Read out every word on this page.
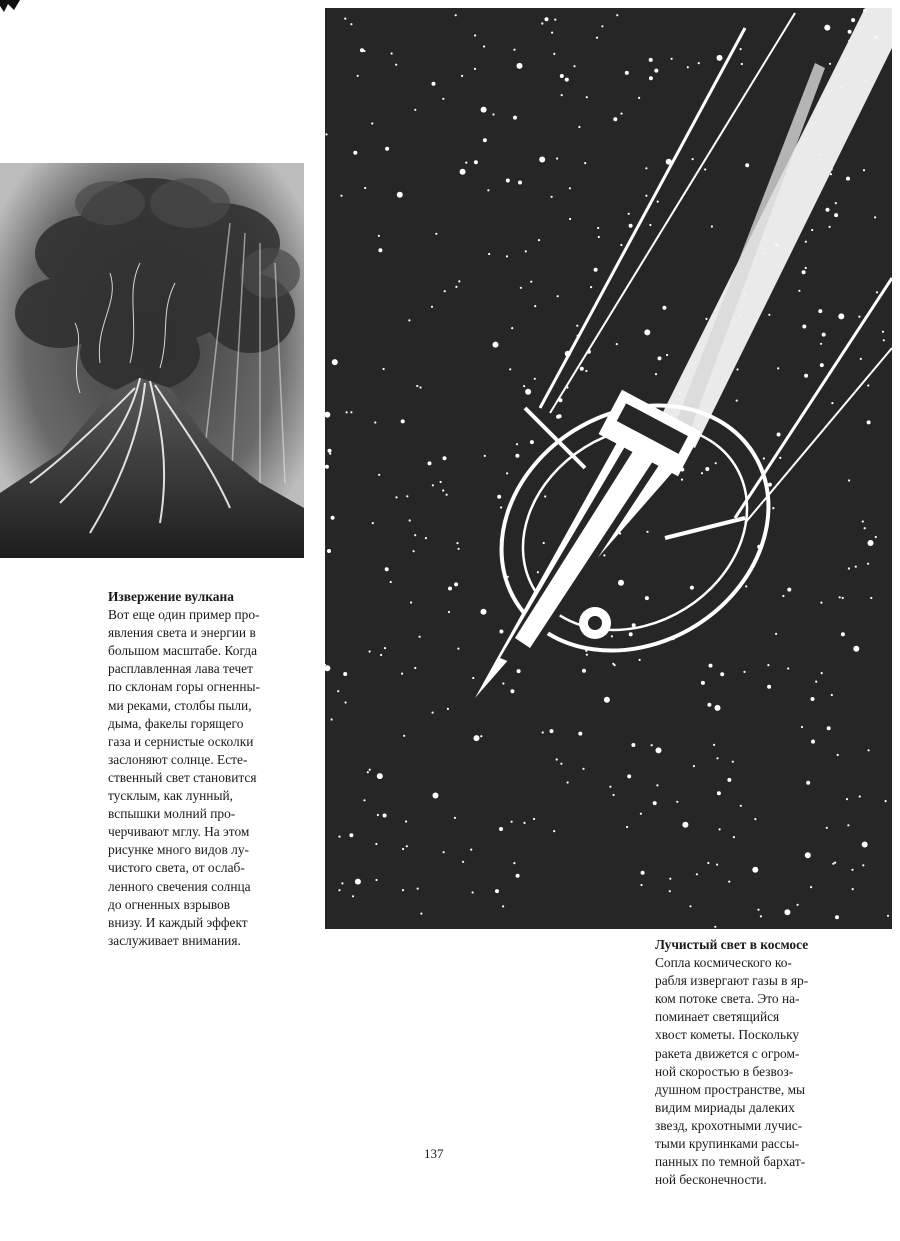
Извержение вулкана
Вот еще один пример про-
явления света и энергии в
большом масштабе. Когда
расплавленная лава течет
по склонам горы огненны-
ми реками, столбы пыли,
дыма, факелы горящего
газа и сернистые осколки
заслоняют солнце. Есте-
ственный свет становится
тусклым, как лунный,
вспышки молний про-
черчивают мглу. На этом
рисунке много видов лу-
чистого света, от ослаб-
ленного свечения солнца
до огненных взрывов
внизу. И каждый эффект
заслуживает внимания.	Лучистый свет в космосе
Сопла космического ко-
рабля извергают газы в яр-
ком потоке света. Это на-
поминает светящийся
хвост кометы. Поскольку
ракета движется с огром-
ной скоростью в безвоз-
душном пространстве, мы
видим мириады далеких
звезд, крохотными лучис-
тыми крупинками рассы-
панных по темной бархат-
ной бесконечности.
137
